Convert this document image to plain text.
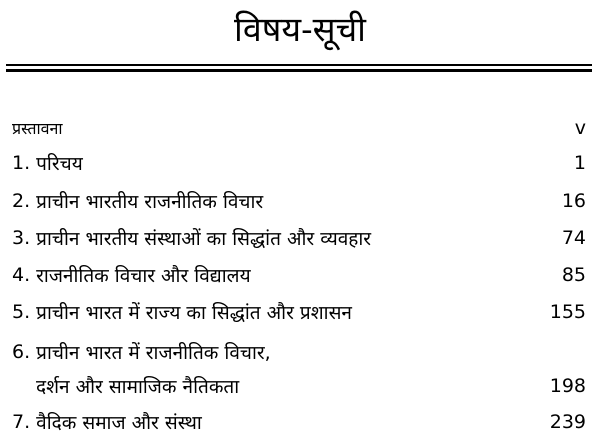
विषय-सूची
प्रस्तावना	v
1. परिचय	1
2. प्राचीन भारतीय राजनीतिक विचार	16
3. प्राचीन भारतीय संस्थाओं का सिद्धांत और व्यवहार	74
4. राजनीतिक विचार और विद्यालय	85
5. प्राचीन भारत में राज्य का सिद्धांत और प्रशासन	155
6. प्राचीन भारत में राजनीतिक विचार,
दर्शन और सामाजिक नैतिकता	198
7. वैदिक समाज और संस्था	239
